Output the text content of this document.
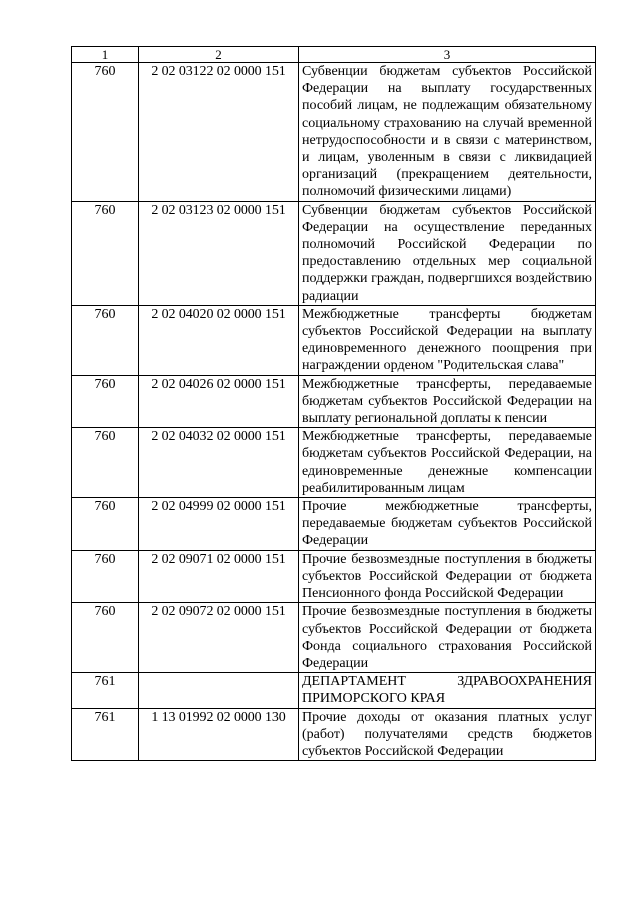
1	2	3
760	2 02 03122 02 0000 151	Субвенции бюджетам субъектов Российской Федерации на выплату государственных пособий лицам, не подлежащим обязательному социальному страхованию на случай временной нетрудоспособности и в связи с материнством, и лицам, уволенным в связи с ликвидацией организаций (прекращением деятельности, полномочий физическими лицами)
760	2 02 03123 02 0000 151	Субвенции бюджетам субъектов Российской Федерации на осуществление переданных полномочий Российской Федерации по предоставлению отдельных мер социальной поддержки граждан, подвергшихся воздействию радиации
760	2 02 04020 02 0000 151	Межбюджетные трансферты бюджетам субъектов Российской Федерации на выплату единовременного денежного поощрения при награждении орденом "Родительская слава"
760	2 02 04026 02 0000 151	Межбюджетные трансферты, передаваемые бюджетам субъектов Российской Федерации на выплату региональной доплаты к пенсии
760	2 02 04032 02 0000 151	Межбюджетные трансферты, передаваемые бюджетам субъектов Российской Федерации, на единовременные денежные компенсации реабилитированным лицам
760	2 02 04999 02 0000 151	Прочие межбюджетные трансферты, передаваемые бюджетам субъектов Российской Федерации
760	2 02 09071 02 0000 151	Прочие безвозмездные поступления в бюджеты субъектов Российской Федерации от бюджета Пенсионного фонда Российской Федерации
760	2 02 09072 02 0000 151	Прочие безвозмездные поступления в бюджеты субъектов Российской Федерации от бюджета Фонда социального страхования Российской Федерации
761		ДЕПАРТАМЕНТ ЗДРАВООХРАНЕНИЯ ПРИМОРСКОГО КРАЯ
761	1 13 01992 02 0000 130	Прочие доходы от оказания платных услуг (работ) получателями средств бюджетов субъектов Российской Федерации
